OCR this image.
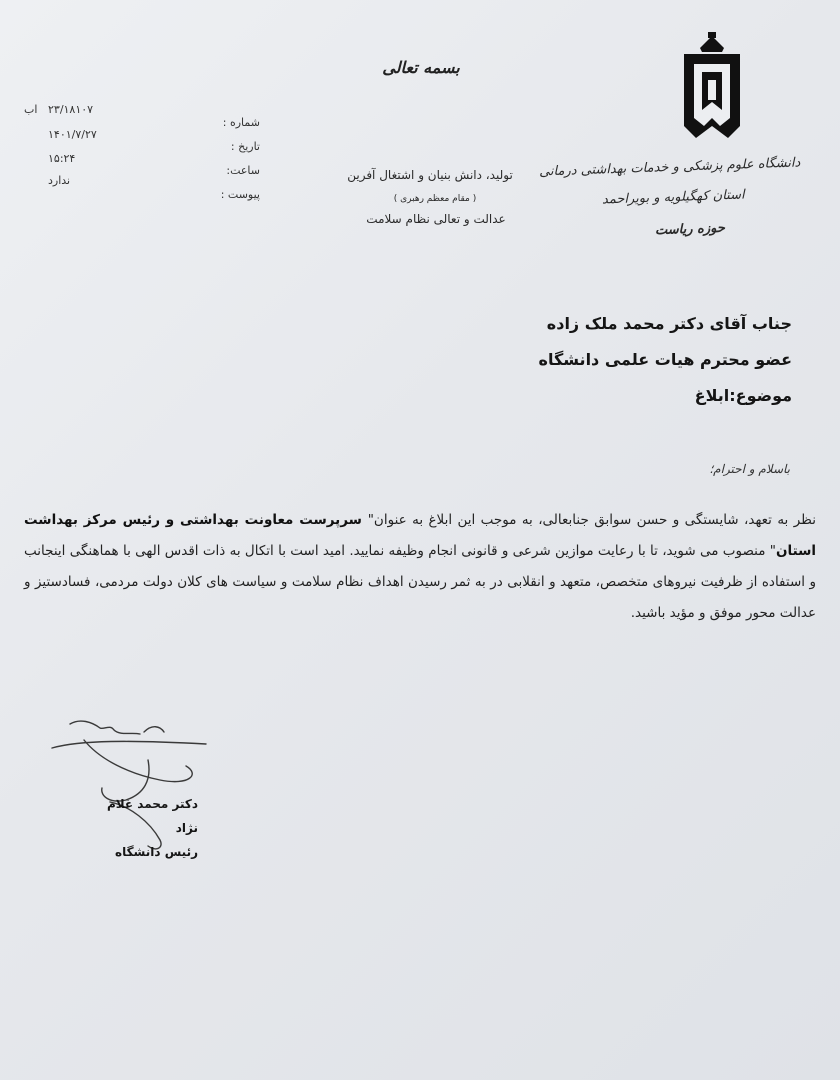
دانشگاه علوم پزشکی و خدمات بهداشتی درمانی
استان کهگیلویه و بویراحمد
حوزه ریاست
بسمه تعالی
شماره :
۲۳/۱۸۱۰۷
اب
تاریخ :
۱۴۰۱/۷/۲۷
ساعت:
۱۵:۲۴
پیوست :
ندارد	تولید، دانش بنیان و اشتغال آفرین
( مقام معظم رهبری )
عدالت و تعالی نظام سلامت
جناب آقای دکتر محمد ملک زاده
عضو محترم هیات علمی دانشگاه
موضوع:ابلاغ
باسلام و احترام؛
نظر به تعهد، شایستگی و حسن سوابق جنابعالی، به موجب این ابلاغ به عنوان" سرپرست معاونت بهداشتی و رئیس مرکز بهداشت استان" منصوب می شوید، تا با رعایت موازین شرعی و قانونی انجام وظیفه نمایید. امید است با اتکال به ذات اقدس الهی با هماهنگی اینجانب و استفاده از ظرفیت نیروهای متخصص، متعهد و انقلابی در به ثمر رسیدن اهداف نظام سلامت و سیاست های کلان دولت مردمی، فسادستیز و عدالت محور موفق و مؤید باشید.
دکتر محمد غلام نژاد
رئیس دانشگاه
